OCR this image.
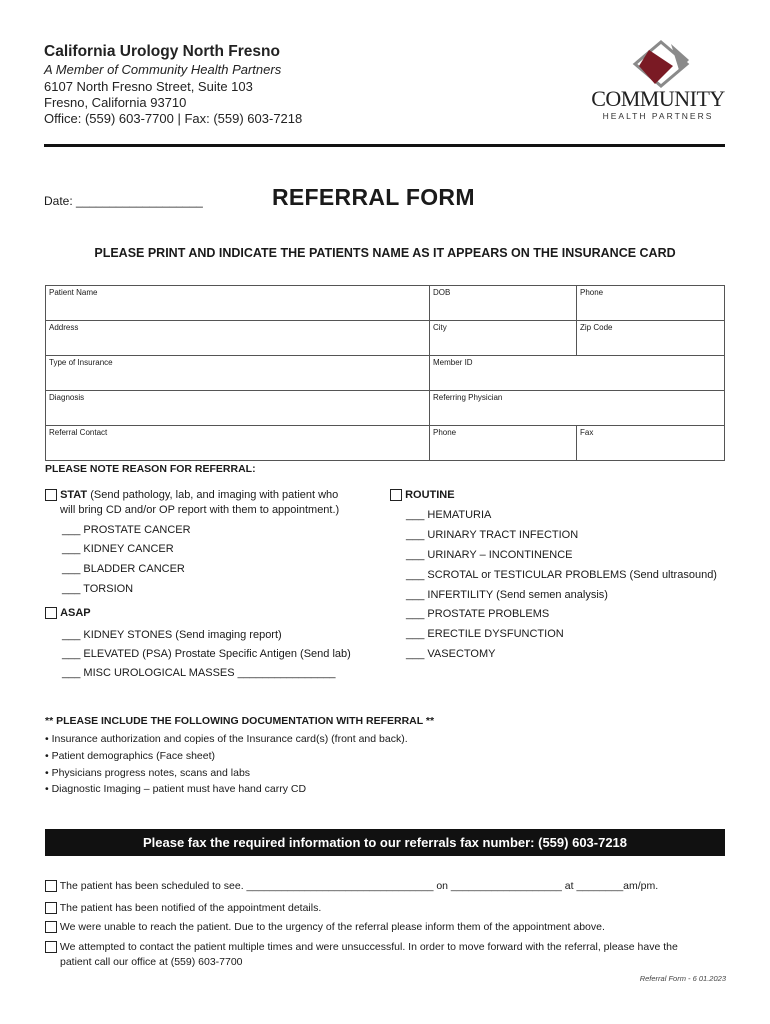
California Urology North Fresno
A Member of Community Health Partners
6107 North Fresno Street, Suite 103
Fresno, California 93710
Office: (559) 603-7700 | Fax: (559) 603-7218
COMMUNITY
HEALTH PARTNERS
Date: ___________________	REFERRAL FORM
PLEASE PRINT AND INDICATE THE PATIENTS NAME AS IT APPEARS ON THE INSURANCE CARD
Patient Name	DOB	Phone
Address	City	Zip Code
Type of Insurance	Member ID	
Diagnosis	Referring Physician	
Referral Contact	Phone	Fax
PLEASE NOTE REASON FOR REFERRAL:
STAT (Send pathology, lab, and imaging with patient who
will bring CD and/or OP report with them to appointment.)
___ PROSTATE CANCER
___ KIDNEY CANCER
___ BLADDER CANCER
___ TORSION
ASAP
___ KIDNEY STONES (Send imaging report)
___ ELEVATED (PSA) Prostate Specific Antigen (Send lab)
___ MISC UROLOGICAL MASSES ________________
ROUTINE
___ HEMATURIA
___ URINARY TRACT INFECTION
___ URINARY – INCONTINENCE
___ SCROTAL or TESTICULAR PROBLEMS (Send ultrasound)
___ INFERTILITY (Send semen analysis)
___ PROSTATE PROBLEMS
___ ERECTILE DYSFUNCTION
___ VASECTOMY
** PLEASE INCLUDE THE FOLLOWING DOCUMENTATION WITH REFERRAL **
• Insurance authorization and copies of the Insurance card(s) (front and back).
• Patient demographics (Face sheet)
• Physicians progress notes, scans and labs
• Diagnostic Imaging – patient must have hand carry CD
Please fax the required information to our referrals fax number: (559) 603-7218
The patient has been scheduled to see. ________________________________ on ___________________ at ________am/pm.
The patient has been notified of the appointment details.
We were unable to reach the patient. Due to the urgency of the referral please inform them of the appointment above.
We attempted to contact the patient multiple times and were unsuccessful. In order to move forward with the referral, please have the
patient call our office at (559) 603-7700
Referral Form - 6 01.2023
